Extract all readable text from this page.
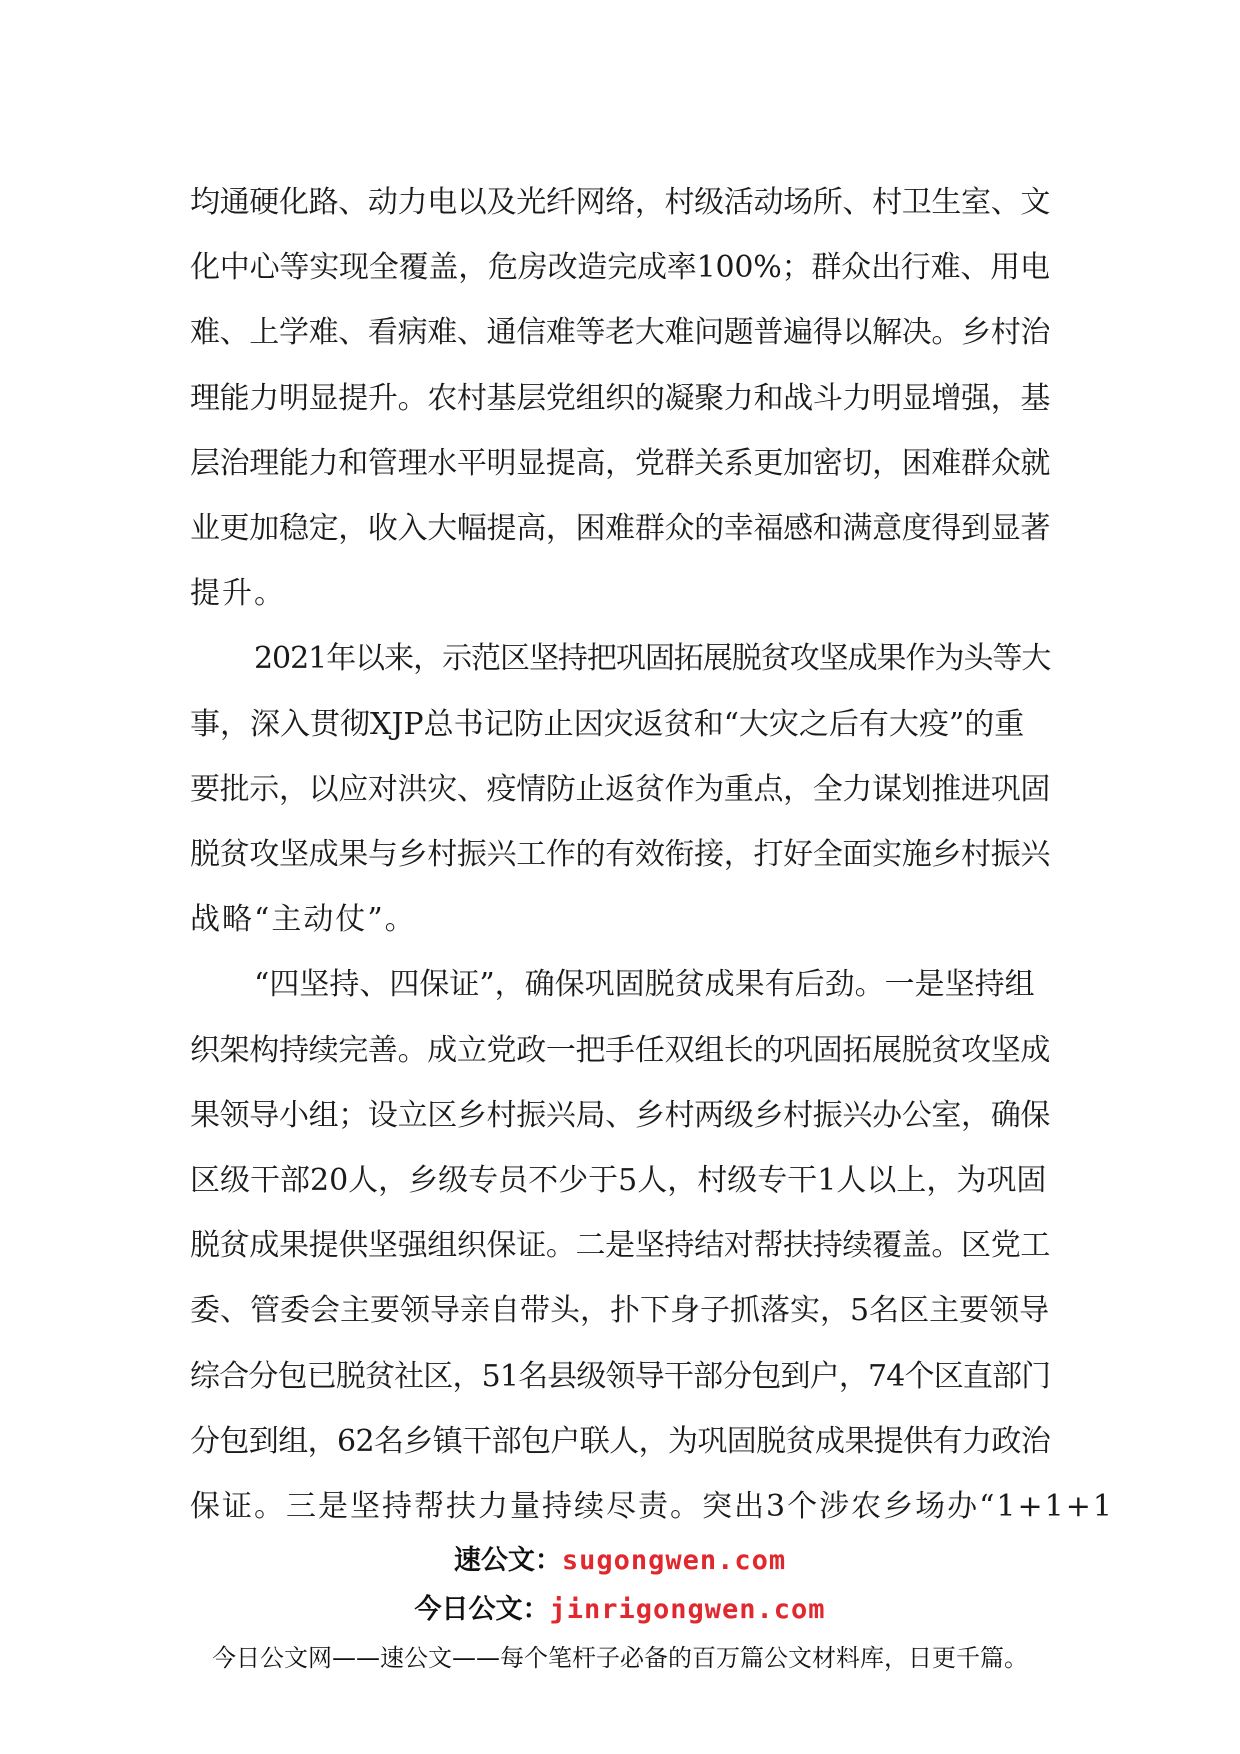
均通硬化路、动力电以及光纤网络，村级活动场所、村卫生室、文
化中心等实现全覆盖，危房改造完成率100%；群众出行难、用电
难、上学难、看病难、通信难等老大难问题普遍得以解决。乡村治
理能力明显提升。农村基层党组织的凝聚力和战斗力明显增强，基
层治理能力和管理水平明显提高，党群关系更加密切，困难群众就
业更加稳定，收入大幅提高，困难群众的幸福感和满意度得到显著
提升。

2021年以来，示范区坚持把巩固拓展脱贫攻坚成果作为头等大
事，深入贯彻XJP总书记防止因灾返贫和“大灾之后有大疫”的重
要批示，以应对洪灾、疫情防止返贫作为重点，全力谋划推进巩固
脱贫攻坚成果与乡村振兴工作的有效衔接，打好全面实施乡村振兴
战略“主动仗”。

“四坚持、四保证”，确保巩固脱贫成果有后劲。一是坚持组
织架构持续完善。成立党政一把手任双组长的巩固拓展脱贫攻坚成
果领导小组；设立区乡村振兴局、乡村两级乡村振兴办公室，确保
区级干部20人，乡级专员不少于5人，村级专干1人以上，为巩固
脱贫成果提供坚强组织保证。二是坚持结对帮扶持续覆盖。区党工
委、管委会主要领导亲自带头，扑下身子抓落实，5名区主要领导
综合分包已脱贫社区，51名县级领导干部分包到户，74个区直部门
分包到组，62名乡镇干部包户联人，为巩固脱贫成果提供有力政治
保证。三是坚持帮扶力量持续尽责。突出3个涉农乡场办“1+1+1

速公文：sugongwen.com
今日公文：jinrigongwen.com
今日公文网——速公文——每个笔杆子必备的百万篇公文材料库，日更千篇。
